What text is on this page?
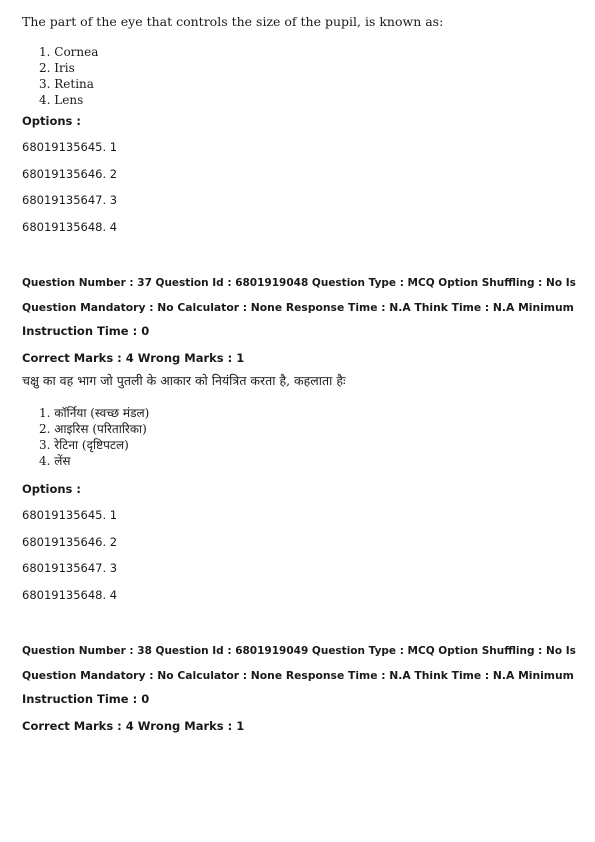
The part of the eye that controls the size of the pupil, is known as:
1. Cornea
2. Iris
3. Retina
4. Lens
Options :
68019135645. 1
68019135646. 2
68019135647. 3
68019135648. 4
Question Number : 37 Question Id : 6801919048 Question Type : MCQ Option Shuffling : No Is
Question Mandatory : No Calculator : None Response Time : N.A Think Time : N.A Minimum
Instruction Time : 0
Correct Marks : 4 Wrong Marks : 1
चक्षु का वह भाग जो पुतली के आकार को नियंत्रित करता है, कहलाता हैः
1. कॉर्निया (स्वच्छ मंडल)
2. आइरिस (परितारिका)
3. रेटिना (दृष्टिपटल)
4. लेंस
Options :
68019135645. 1
68019135646. 2
68019135647. 3
68019135648. 4
Question Number : 38 Question Id : 6801919049 Question Type : MCQ Option Shuffling : No Is
Question Mandatory : No Calculator : None Response Time : N.A Think Time : N.A Minimum
Instruction Time : 0
Correct Marks : 4 Wrong Marks : 1
